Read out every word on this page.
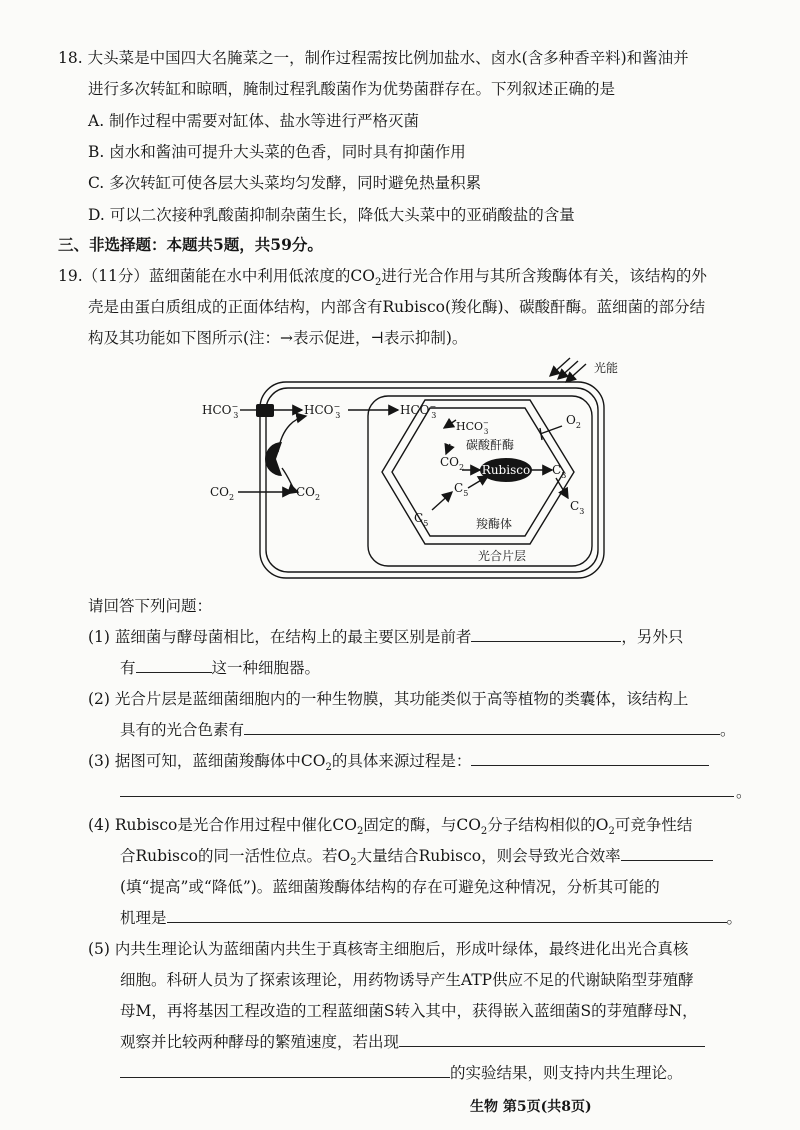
18. 大头菜是中国四大名腌菜之一，制作过程需按比例加盐水、卤水(含多种香辛料)和酱油并
进行多次转缸和晾晒，腌制过程乳酸菌作为优势菌群存在。下列叙述正确的是
A. 制作过程中需要对缸体、盐水等进行严格灭菌
B. 卤水和酱油可提升大头菜的色香，同时具有抑菌作用
C. 多次转缸可使各层大头菜均匀发酵，同时避免热量积累
D. 可以二次接种乳酸菌抑制杂菌生长，降低大头菜中的亚硝酸盐的含量
三、非选择题：本题共5题，共59分。
19.（11分）蓝细菌能在水中利用低浓度的$CO_2$进行光合作用与其所含羧酶体有关，该结构的外
壳是由蛋白质组成的正面体结构，内部含有Rubisco(羧化酶)、碳酸酐酶。蓝细菌的部分结
构及其功能如下图所示(注：→表示促进，⊣表示抑制)。
Rubisco
HCO− 3	HCO− 3	HCO− 3
HCO− 3
碳酸酐酶
$CO_2$
$O_2$
$C_3$
$C_3$
$C_5$
$C_5$	羧酶体
光合片层
光能
$CO_2$	$CO_2$
请回答下列问题：
(1) 蓝细菌与酵母菌相比，在结构上的最主要区别是前者	，另外只
有	这一种细胞器。
(2) 光合片层是蓝细菌细胞内的一种生物膜，其功能类似于高等植物的类囊体，该结构上
具有的光合色素有	。
(3) 据图可知，蓝细菌羧酶体中$CO_2$的具体来源过程是：
。
(4) Rubisco是光合作用过程中催化$CO_2$固定的酶，与$CO_2$分子结构相似的$O_2$可竞争性结
合Rubisco的同一活性位点。若$O_2$大量结合Rubisco，则会导致光合效率
(填“提高”或“降低”)。蓝细菌羧酶体结构的存在可避免这种情况，分析其可能的
机理是	。
(5) 内共生理论认为蓝细菌内共生于真核寄主细胞后，形成叶绿体，最终进化出光合真核
细胞。科研人员为了探索该理论，用药物诱导产生ATP供应不足的代谢缺陷型芽殖酵
母M，再将基因工程改造的工程蓝细菌S转入其中，获得嵌入蓝细菌S的芽殖酵母N，
观察并比较两种酵母的繁殖速度，若出现
的实验结果，则支持内共生理论。
生物 第5页(共8页)
